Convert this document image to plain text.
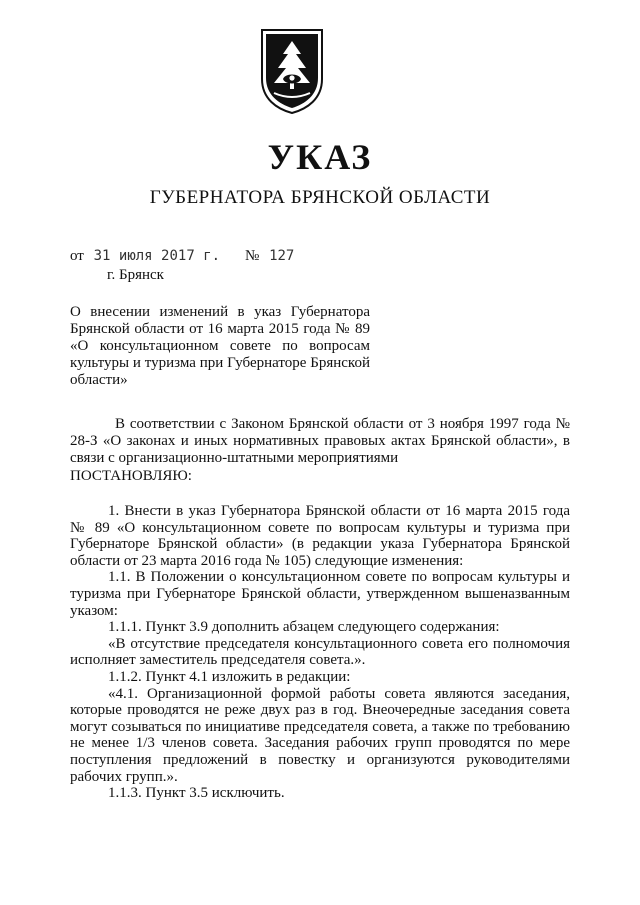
УКАЗ
ГУБЕРНАТОРА БРЯНСКОЙ ОБЛАСТИ
от 31 июля 2017 г. № 127
г. Брянск
О внесении изменений в указ Губернатора Брянской области от 16 марта 2015 года № 89 «О консультационном совете по вопросам культуры и туризма при Губернаторе Брянской области»
В соответствии с Законом Брянской области от 3 ноября 1997 года № 28-З «О законах и иных нормативных правовых актах Брянской области», в связи с организационно-штатными мероприятиями
ПОСТАНОВЛЯЮ:

1. Внести в указ Губернатора Брянской области от 16 марта 2015 года № 89 «О консультационном совете по вопросам культуры и туризма при Губернаторе Брянской области» (в редакции указа Губернатора Брянской области от 23 марта 2016 года № 105) следующие изменения:

1.1. В Положении о консультационном совете по вопросам культуры и туризма при Губернаторе Брянской области, утвержденном вышеназванным указом:

1.1.1. Пункт 3.9 дополнить абзацем следующего содержания:

«В отсутствие председателя консультационного совета его полномочия исполняет заместитель председателя совета.».

1.1.2. Пункт 4.1 изложить в редакции:

«4.1. Организационной формой работы совета являются заседания, которые проводятся не реже двух раз в год. Внеочередные заседания совета могут созываться по инициативе председателя совета, а также по требованию не менее 1/3 членов совета. Заседания рабочих групп проводятся по мере поступления предложений в повестку и организуются руководителями рабочих групп.».

1.1.3. Пункт 3.5 исключить.
